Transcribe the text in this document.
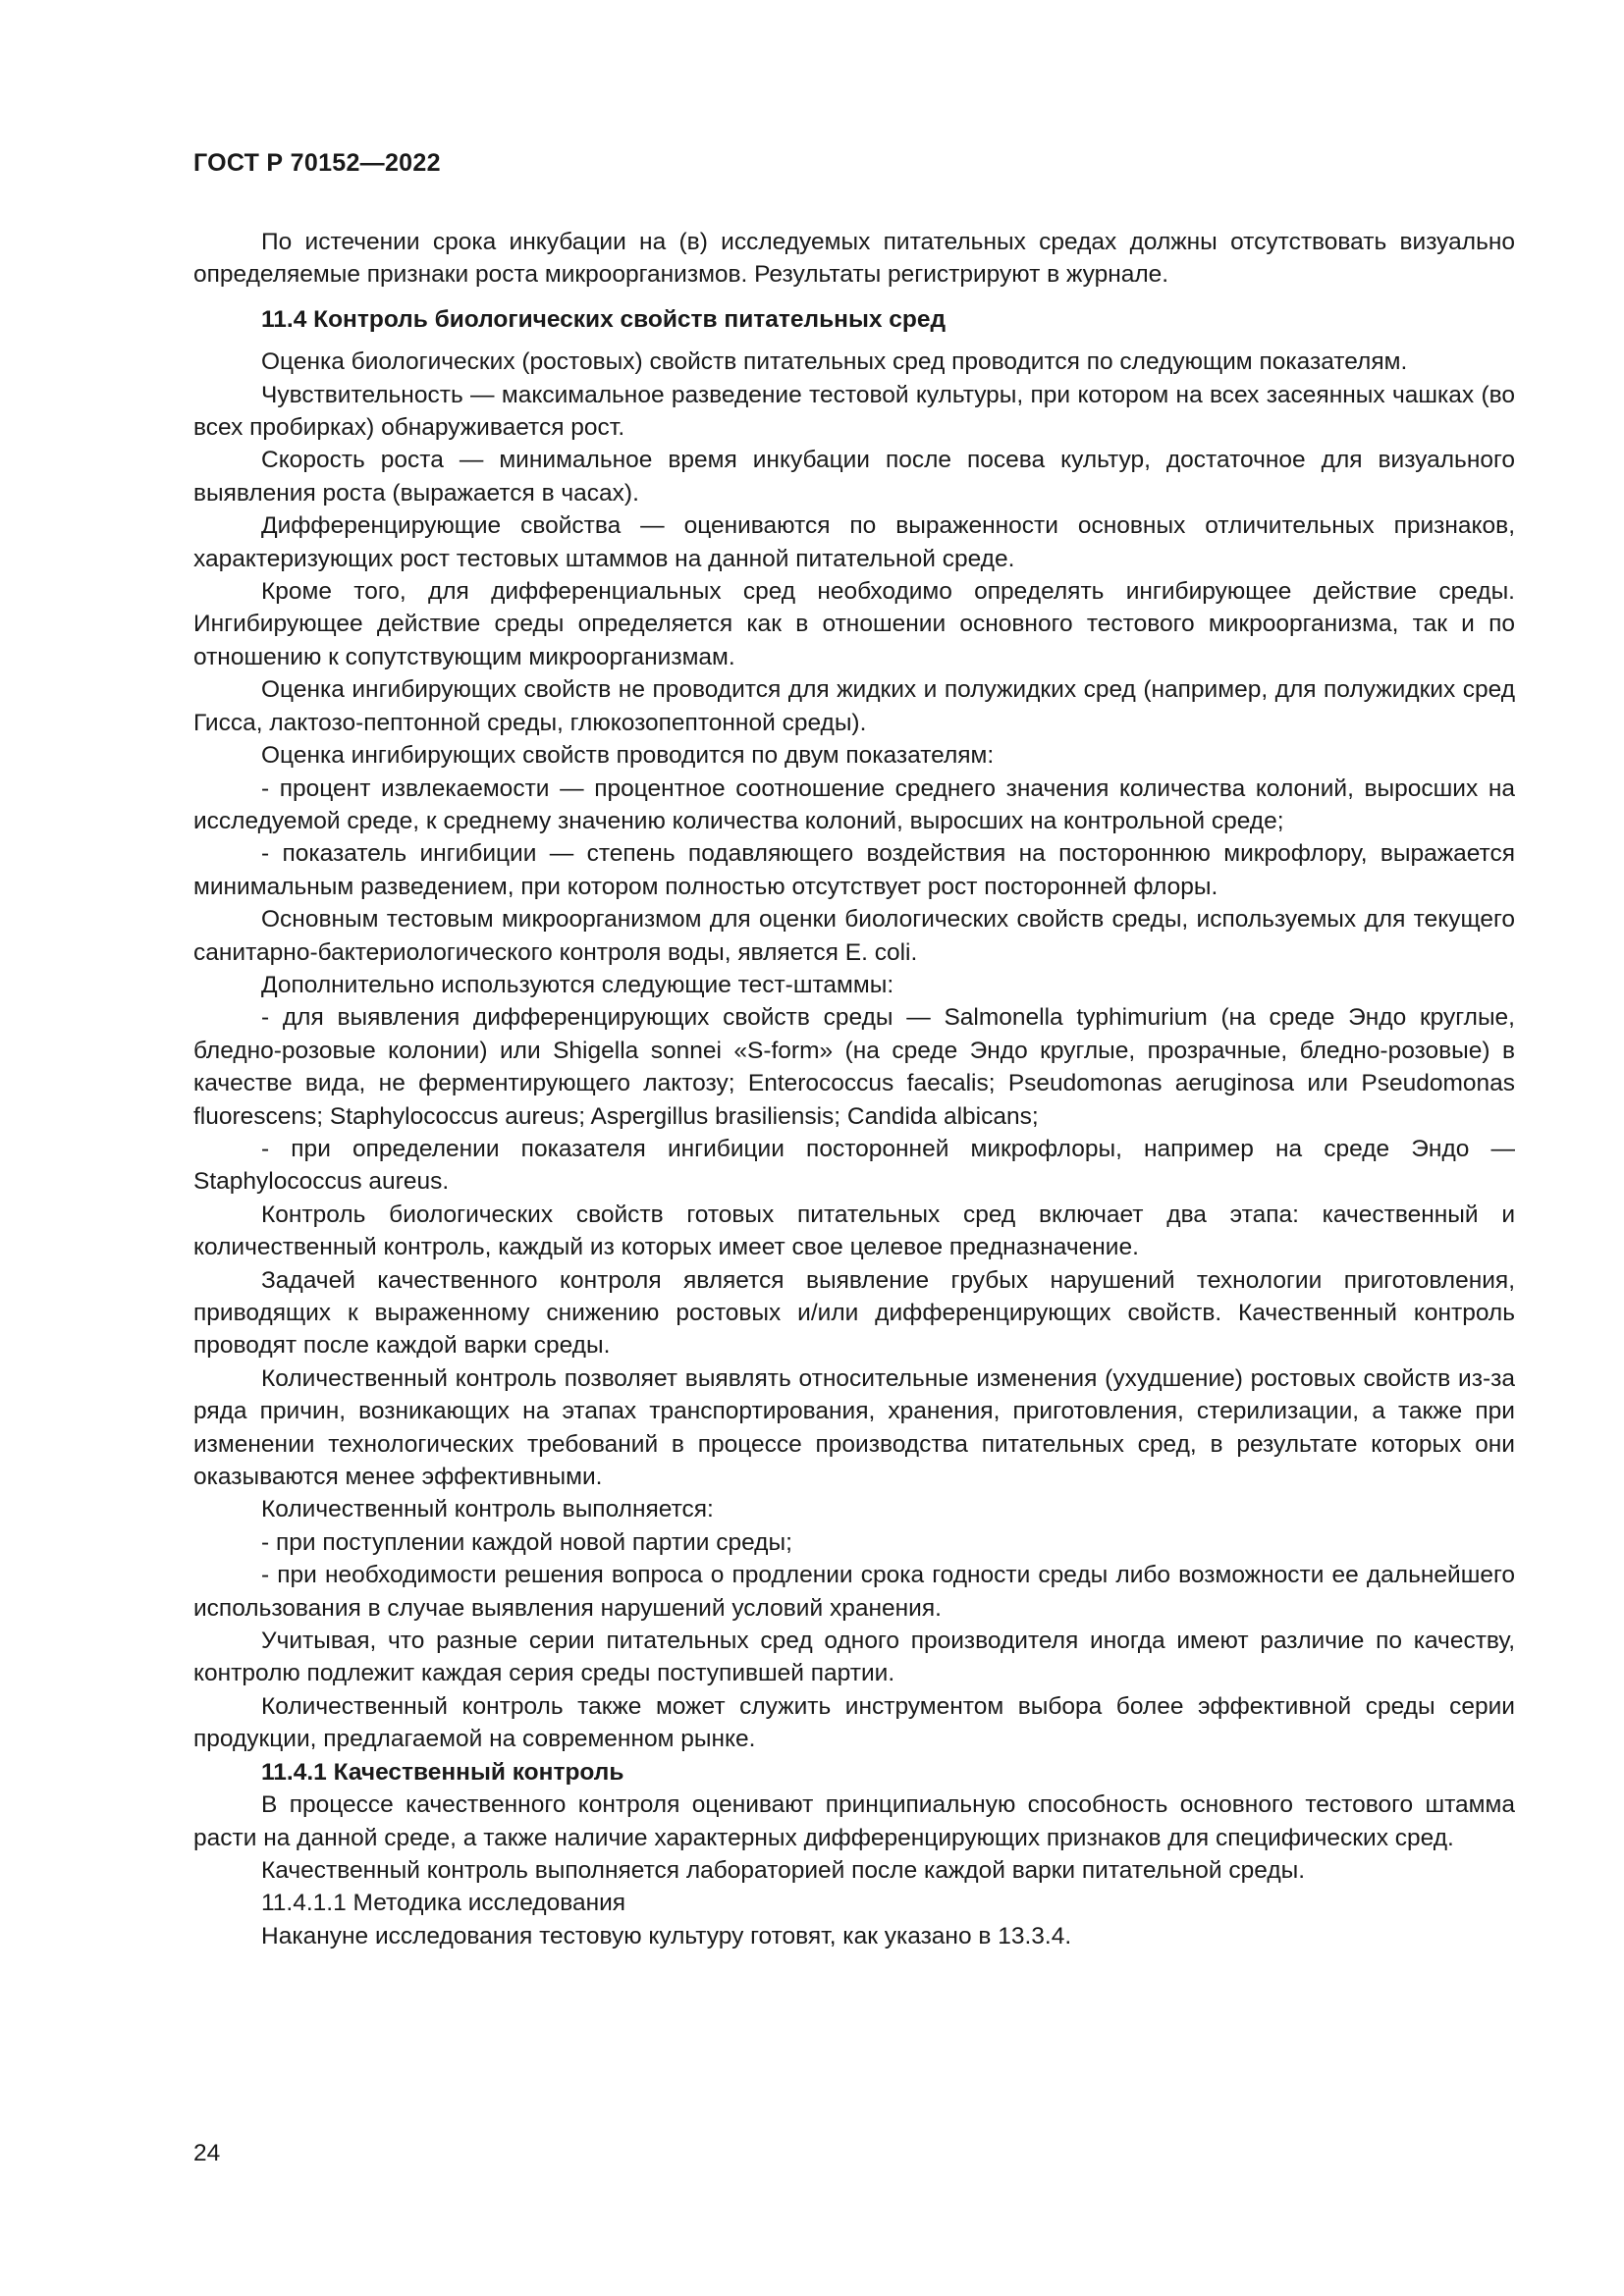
ГОСТ Р 70152—2022

По истечении срока инкубации на (в) исследуемых питательных средах должны отсутствовать визуально определяемые признаки роста микроорганизмов. Результаты регистрируют в журнале.

11.4 Контроль биологических свойств питательных сред

Оценка биологических (ростовых) свойств питательных сред проводится по следующим показателям.

Чувствительность — максимальное разведение тестовой культуры, при котором на всех засеянных чашках (во всех пробирках) обнаруживается рост.

Скорость роста — минимальное время инкубации после посева культур, достаточное для визуального выявления роста (выражается в часах).

Дифференцирующие свойства — оцениваются по выраженности основных отличительных признаков, характеризующих рост тестовых штаммов на данной питательной среде.

Кроме того, для дифференциальных сред необходимо определять ингибирующее действие среды. Ингибирующее действие среды определяется как в отношении основного тестового микроорганизма, так и по отношению к сопутствующим микроорганизмам.

Оценка ингибирующих свойств не проводится для жидких и полужидких сред (например, для полужидких сред Гисса, лактозо-пептонной среды, глюкозопептонной среды).

Оценка ингибирующих свойств проводится по двум показателям:

- процент извлекаемости — процентное соотношение среднего значения количества колоний, выросших на исследуемой среде, к среднему значению количества колоний, выросших на контрольной среде;

- показатель ингибиции — степень подавляющего воздействия на постороннюю микрофлору, выражается минимальным разведением, при котором полностью отсутствует рост посторонней флоры.

Основным тестовым микроорганизмом для оценки биологических свойств среды, используемых для текущего санитарно-бактериологического контроля воды, является E. coli.

Дополнительно используются следующие тест-штаммы:

- для выявления дифференцирующих свойств среды — Salmonella typhimurium (на среде Эндо круглые, бледно-розовые колонии) или Shigella sonnei «S-form» (на среде Эндо круглые, прозрачные, бледно-розовые) в качестве вида, не ферментирующего лактозу; Enterococcus faecalis; Pseudomonas aeruginosa или Pseudomonas fluorescens; Staphylococcus aureus; Aspergillus brasiliensis; Candida albicans;

- при определении показателя ингибиции посторонней микрофлоры, например на среде Эндо — Staphylococcus aureus.

Контроль биологических свойств готовых питательных сред включает два этапа: качественный и количественный контроль, каждый из которых имеет свое целевое предназначение.

Задачей качественного контроля является выявление грубых нарушений технологии приготовления, приводящих к выраженному снижению ростовых и/или дифференцирующих свойств. Качественный контроль проводят после каждой варки среды.

Количественный контроль позволяет выявлять относительные изменения (ухудшение) ростовых свойств из-за ряда причин, возникающих на этапах транспортирования, хранения, приготовления, стерилизации, а также при изменении технологических требований в процессе производства питательных сред, в результате которых они оказываются менее эффективными.

Количественный контроль выполняется:

- при поступлении каждой новой партии среды;

- при необходимости решения вопроса о продлении срока годности среды либо возможности ее дальнейшего использования в случае выявления нарушений условий хранения.

Учитывая, что разные серии питательных сред одного производителя иногда имеют различие по качеству, контролю подлежит каждая серия среды поступившей партии.

Количественный контроль также может служить инструментом выбора более эффективной среды серии продукции, предлагаемой на современном рынке.

11.4.1 Качественный контроль

В процессе качественного контроля оценивают принципиальную способность основного тестового штамма расти на данной среде, а также наличие характерных дифференцирующих признаков для специфических сред.

Качественный контроль выполняется лабораторией после каждой варки питательной среды.

11.4.1.1 Методика исследования

Накануне исследования тестовую культуру готовят, как указано в 13.3.4.

24
